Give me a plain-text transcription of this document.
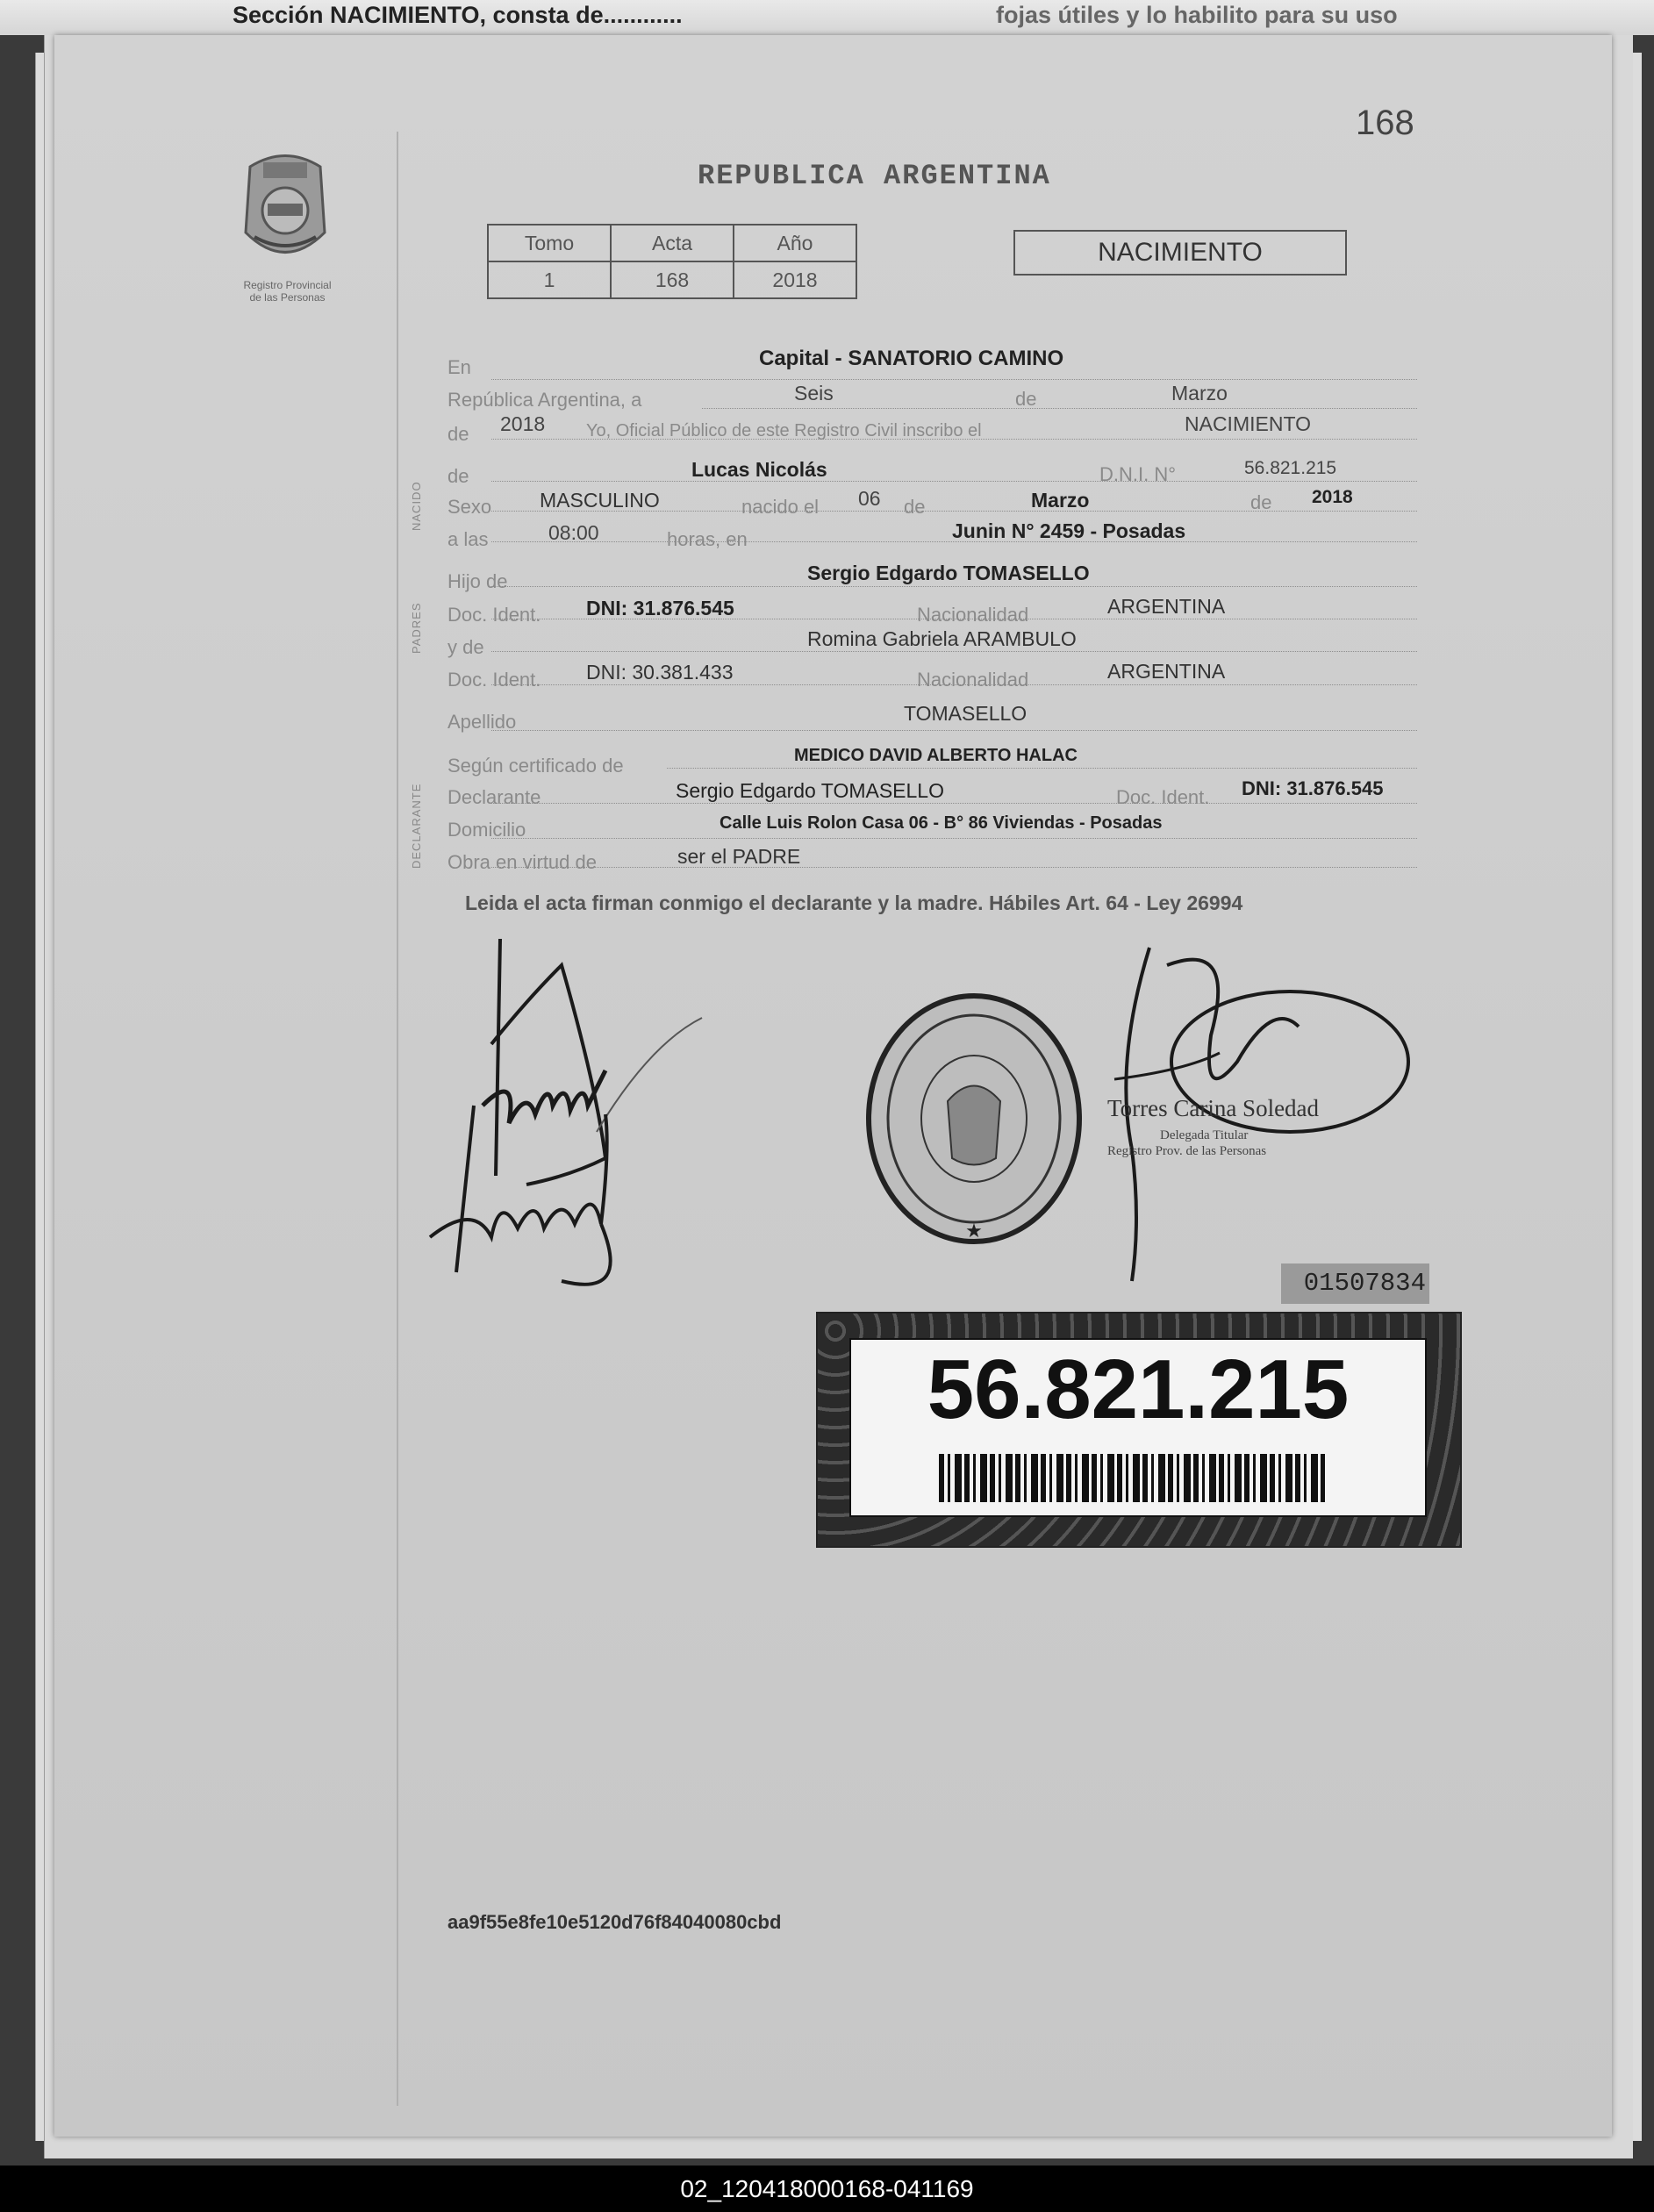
Sección NACIMIENTO, consta de............	fojas útiles y lo habilito para su uso
168
Registro Provincial
de las Personas
REPUBLICA ARGENTINA
Tomo	Acta	Año
1	168	2018
NACIMIENTO
NACIDO
PADRES
DECLARANTE
En	Capital - SANATORIO CAMINO
República Argentina, a	Seis	de	Marzo
de 2018 Yo, Oficial Público de este Registro Civil inscribo el	NACIMIENTO
de	Lucas Nicolás	D.N.I. N°	56.821.215
Sexo MASCULINO	nacido el 06 de	Marzo	de 2018
a las	08:00	horas, en	Junin N° 2459 - Posadas
Hijo de	Sergio Edgardo TOMASELLO
Doc. Ident. DNI: 31.876.545	Nacionalidad	ARGENTINA
y de	Romina Gabriela ARAMBULO
Doc. Ident. DNI: 30.381.433	Nacionalidad	ARGENTINA
Apellido	TOMASELLO
Según certificado de	MEDICO DAVID ALBERTO HALAC
Declarante	Sergio Edgardo TOMASELLO	Doc. Ident. DNI: 31.876.545
Domicilio	Calle Luis Rolon Casa 06 - B° 86 Viviendas - Posadas
Obra en virtud de	ser el PADRE
Leida el acta firman conmigo el declarante y la madre. Hábiles Art. 64 - Ley 26994
★
Torres Carina Soledad
Delegada Titular
Registro Prov. de las Personas
01507834
56.821.215
aa9f55e8fe10e5120d76f84040080cbd
02_120418000168-041169
